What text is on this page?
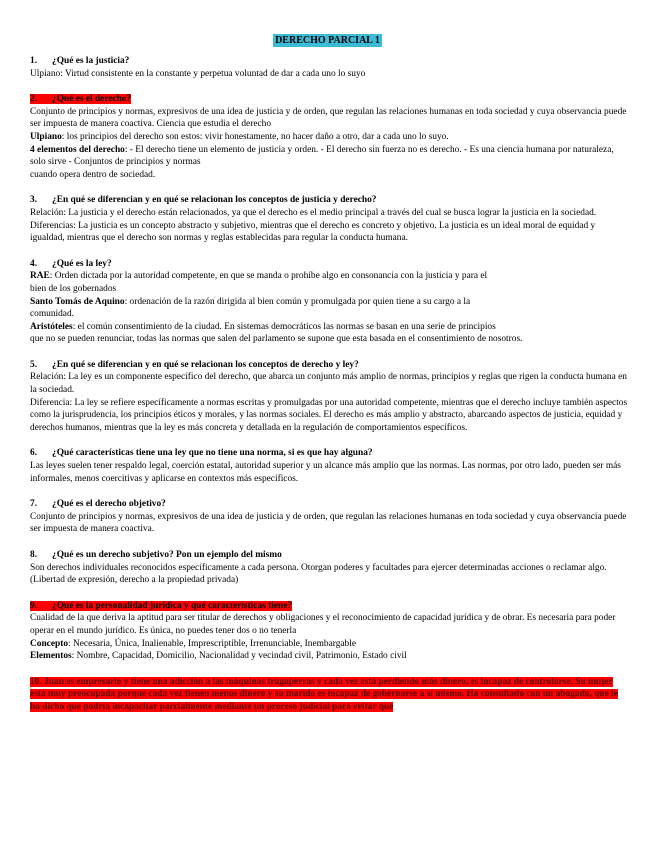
DERECHO PARCIAL 1
1. ¿Qué es la justicia?

Ulpiano: Virtud consistente en la constante y perpetua voluntad de dar a cada uno lo suyo

2. ¿Qué es el derecho?

Conjunto de principios y normas, expresivos de una idea de justicia y de orden, que regulan las relaciones humanas en toda sociedad y cuya observancia puede ser impuesta de manera coactiva. Ciencia que estudia el derecho

Ulpiano: los principios del derecho son estos: vivir honestamente, no hacer daño a otro, dar a cada uno lo suyo.

4 elementos del derecho: - El derecho tiene un elemento de justicia y orden. - El derecho sin fuerza no es derecho. - Es una ciencia humana por naturaleza, solo sirve - Conjuntos de principios y normas

cuando opera dentro de sociedad.

3. ¿En qué se diferencian y en qué se relacionan los conceptos de justicia y derecho?

Relación: La justicia y el derecho están relacionados, ya que el derecho es el medio principal a través del cual se busca lograr la justicia en la sociedad.

Diferencias: La justicia es un concepto abstracto y subjetivo, mientras que el derecho es concreto y objetivo. La justicia es un ideal moral de equidad y igualdad, mientras que el derecho son normas y reglas establecidas para regular la conducta humana.

4. ¿Qué es la ley?

RAE: Orden dictada por la autoridad competente, en que se manda o prohíbe algo en consonancia con la justicia y para el

bien de los gobernados

Santo Tomás de Aquino: ordenación de la razón dirigida al bien común y promulgada por quien tiene a su cargo a la

comunidad.

Aristóteles: el común consentimiento de la ciudad. En sistemas democráticos las normas se basan en una serie de principios

que no se pueden renunciar, todas las normas que salen del parlamento se supone que esta basada en el consentimiento de nosotros.

5. ¿En qué se diferencian y en qué se relacionan los conceptos de derecho y ley?

Relación: La ley es un componente específico del derecho, que abarca un conjunto más amplio de normas, principios y reglas que rigen la conducta humana en la sociedad.

Diferencia: La ley se refiere específicamente a normas escritas y promulgadas por una autoridad competente, mientras que el derecho incluye también aspectos como la jurisprudencia, los principios éticos y morales, y las normas sociales. El derecho es más amplio y abstracto, abarcando aspectos de justicia, equidad y derechos humanos, mientras que la ley es más concreta y detallada en la regulación de comportamientos específicos.

6. ¿Qué características tiene una ley que no tiene una norma, si es que hay alguna?

Las leyes suelen tener respaldo legal, coerción estatal, autoridad superior y un alcance más amplio que las normas. Las normas, por otro lado, pueden ser más informales, menos coercitivas y aplicarse en contextos más específicos.

7. ¿Qué es el derecho objetivo?

Conjunto de principios y normas, expresivos de una idea de justicia y de orden, que regulan las relaciones humanas en toda sociedad y cuya observancia puede ser impuesta de manera coactiva.

8. ¿Qué es un derecho subjetivo? Pon un ejemplo del mismo

Son derechos individuales reconocidos específicamente a cada persona. Otorgan poderes y facultades para ejercer determinadas acciones o reclamar algo. (Libertad de expresión, derecho a la propiedad privada)

9. ¿Qué es la personalidad jurídica y qué características tiene?

Cualidad de la que deriva la aptitud para ser titular de derechos y obligaciones y el reconocimiento de capacidad jurídica y de obrar. Es necesaria para poder operar en el mundo jurídico. Es única, no puedes tener dos o no tenerla

Concepto: Necesaria, Única, Inalienable, Imprescriptible, Irrenunciable, Inembargable

Elementos: Nombre, Capacidad, Domicilio, Nacionalidad y vecindad civil, Patrimonio, Estado civil

10. Juan es empresario y tiene una adicción a las máquinas tragaperras y cada vez está perdiendo más dinero, es incapaz de controlarse. Su mujer está muy preocupada porque cada vez tienen menos dinero y su marido es incapaz de gobernarse a sí mismo. Ha consultado con un abogado, que le ha dicho que podría incapacitar parcialmente mediante un proceso judicial para evitar que
